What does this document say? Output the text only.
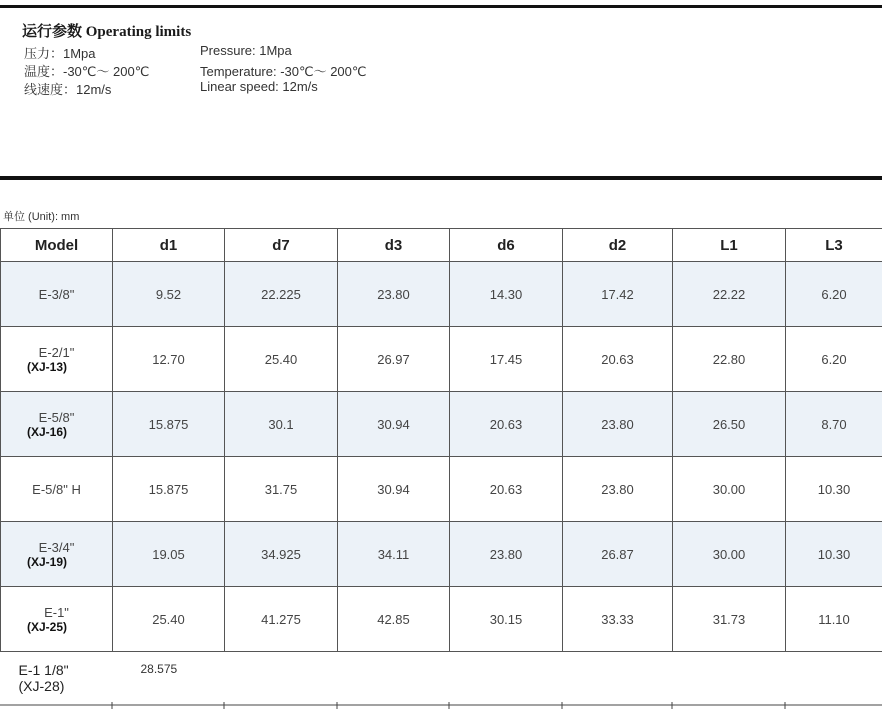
运行参数 Operating limits
压力：1Mpa
温度：-30℃～ 200℃
线速度：12m/s
Pressure: 1Mpa
Temperature: -30℃～ 200℃
Linear speed: 12m/s
单位 (Unit): mm
Model	d1	d7	d3	d6	d2	L1	L3

E-3/8"	9.52	22.225	23.80	14.30	17.42	22.22	6.20

E-2/1"
(XJ-13)	12.70	25.40	26.97	17.45	20.63	22.80	6.20

E-5/8"
(XJ-16)	15.875	30.1	30.94	20.63	23.80	26.50	8.70

E-5/8" H	15.875	31.75	30.94	20.63	23.80	30.00	10.30

E-3/4"
(XJ-19)	19.05	34.925	34.11	23.80	26.87	30.00	10.30

E-1"
(XJ-25)	25.40	41.275	42.85	30.15	33.33	31.73	11.10

E-1 1/8"
(XJ-28)	28.575						
